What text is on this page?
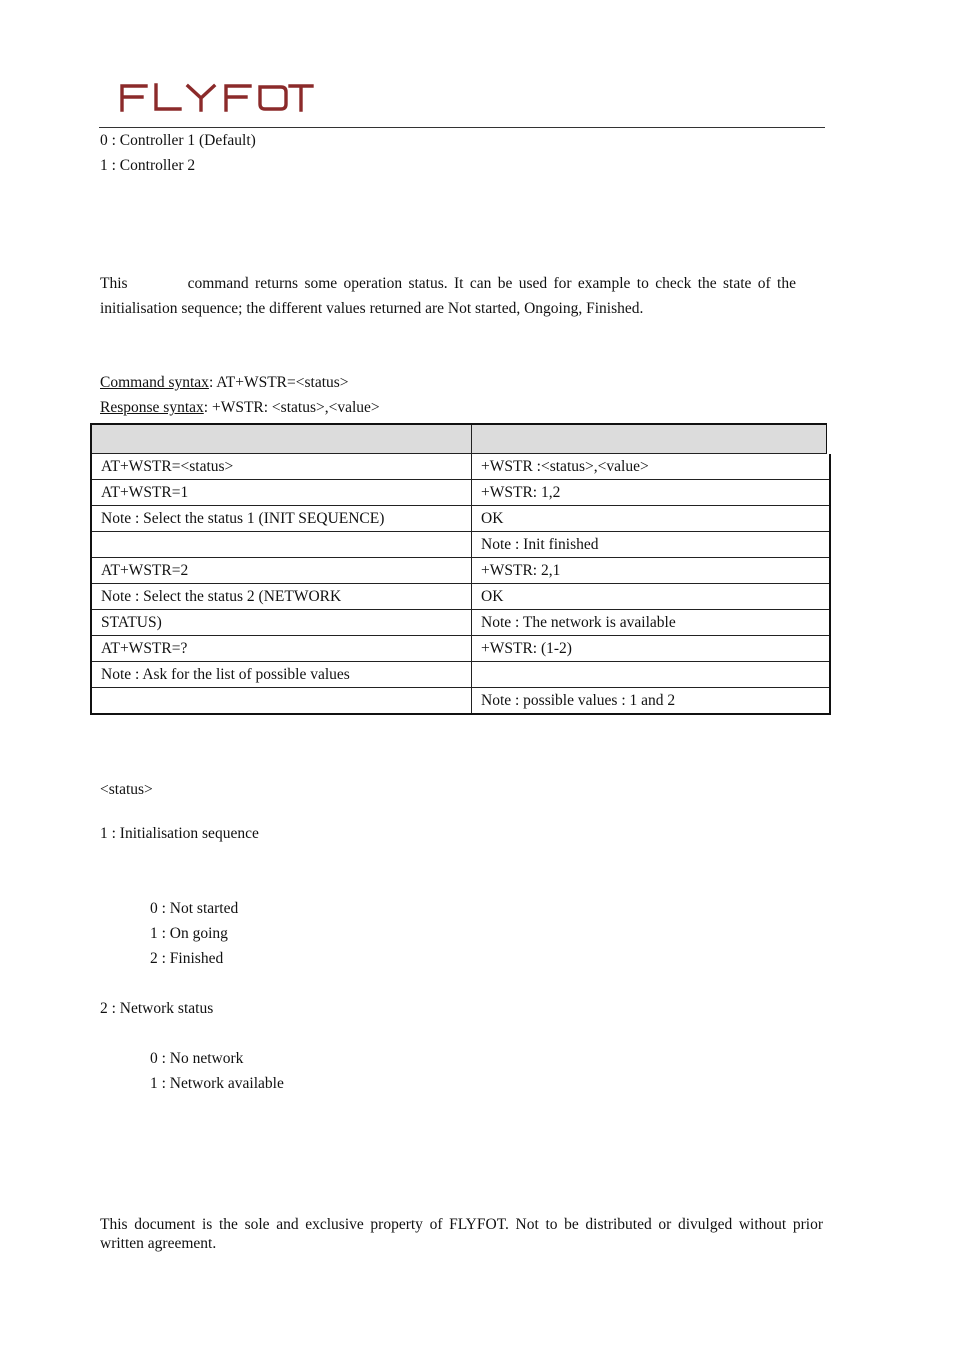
0 : Controller 1 (Default)
1 : Controller 2
This	command returns some operation status. It can be used for example to check the state of the initialisation sequence; the different values returned are Not started, Ongoing, Finished.
Command syntax: AT+WSTR=<status>
Response syntax: +WSTR: <status>,<value>

AT+WSTR=<status>	+WSTR :<status>,<value>
AT+WSTR=1	+WSTR: 1,2
Note : Select the status 1 (INIT SEQUENCE)	OK
	Note : Init finished
AT+WSTR=2	+WSTR: 2,1
Note : Select the status 2 (NETWORK	OK
STATUS)	Note : The network is available
AT+WSTR=?	+WSTR: (1-2)
Note : Ask for the list of possible values	
	Note : possible values : 1 and 2
<status>
1 : Initialisation sequence
0 : Not started
1 : On going
2 : Finished
2 : Network status
0 : No network
1 : Network available
This document is the sole and exclusive property of FLYFOT. Not to be distributed or divulged without prior written agreement.
